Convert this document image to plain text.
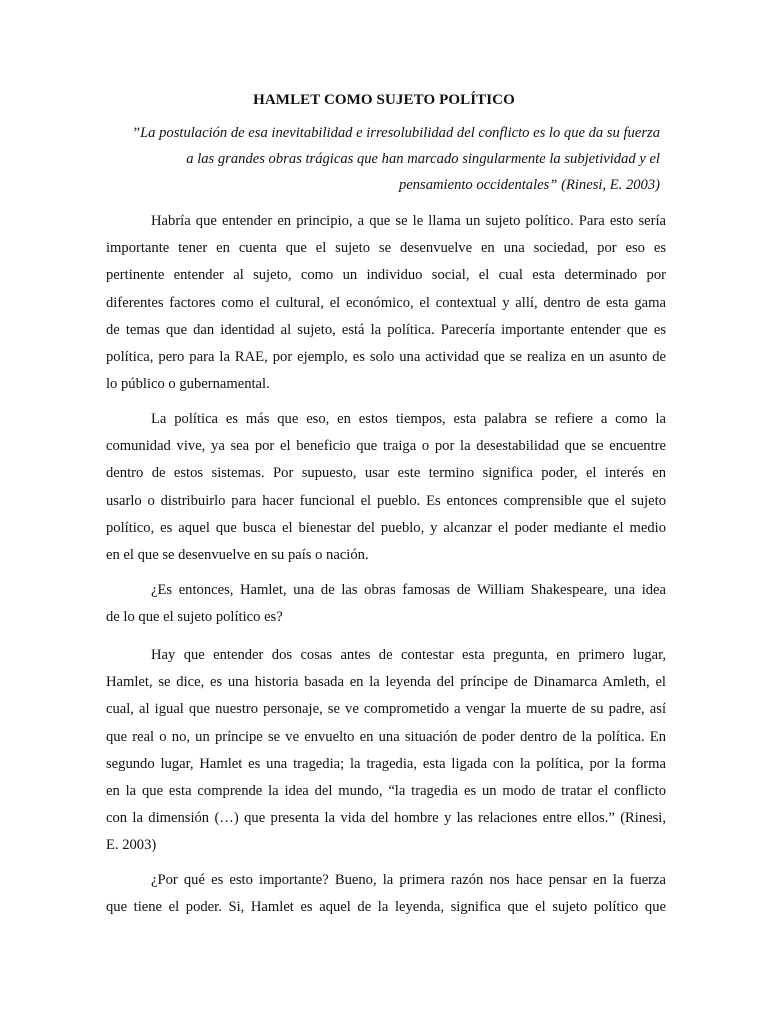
HAMLET COMO SUJETO POLÍTICO
”La postulación de esa inevitabilidad e irresolubilidad del conflicto es lo que da su fuerza
a las grandes obras trágicas que han marcado singularmente la subjetividad y el
pensamiento occidentales” (Rinesi, E. 2003)
Habría que entender en principio, a que se le llama un sujeto político. Para esto sería
importante tener en cuenta que el sujeto se desenvuelve en una sociedad, por eso es
pertinente entender al sujeto, como un individuo social, el cual esta determinado por
diferentes factores como el cultural, el económico, el contextual y allí, dentro de esta gama
de temas que dan identidad al sujeto, está la política. Parecería importante entender que es
política, pero para la RAE, por ejemplo, es solo una actividad que se realiza en un asunto de
lo público o gubernamental.
La política es más que eso, en estos tiempos, esta palabra se refiere a como la
comunidad vive, ya sea por el beneficio que traiga o por la desestabilidad que se encuentre
dentro de estos sistemas. Por supuesto, usar este termino significa poder, el interés en
usarlo o distribuirlo para hacer funcional el pueblo. Es entonces comprensible que el sujeto
político, es aquel que busca el bienestar del pueblo, y alcanzar el poder mediante el medio
en el que se desenvuelve en su país o nación.
¿Es entonces, Hamlet, una de las obras famosas de William Shakespeare, una idea
de lo que el sujeto político es?
Hay que entender dos cosas antes de contestar esta pregunta, en primero lugar,
Hamlet, se dice, es una historia basada en la leyenda del príncipe de Dinamarca Amleth, el
cual, al igual que nuestro personaje, se ve comprometido a vengar la muerte de su padre, así
que real o no, un príncipe se ve envuelto en una situación de poder dentro de la política. En
segundo lugar, Hamlet es una tragedia; la tragedia, esta ligada con la política, por la forma
en la que esta comprende la idea del mundo, “la tragedia es un modo de tratar el conflicto
con la dimensión (…) que presenta la vida del hombre y las relaciones entre ellos.” (Rinesi,
E. 2003)
¿Por qué es esto importante? Bueno, la primera razón nos hace pensar en la fuerza
que tiene el poder. Si, Hamlet es aquel de la leyenda, significa que el sujeto político que
